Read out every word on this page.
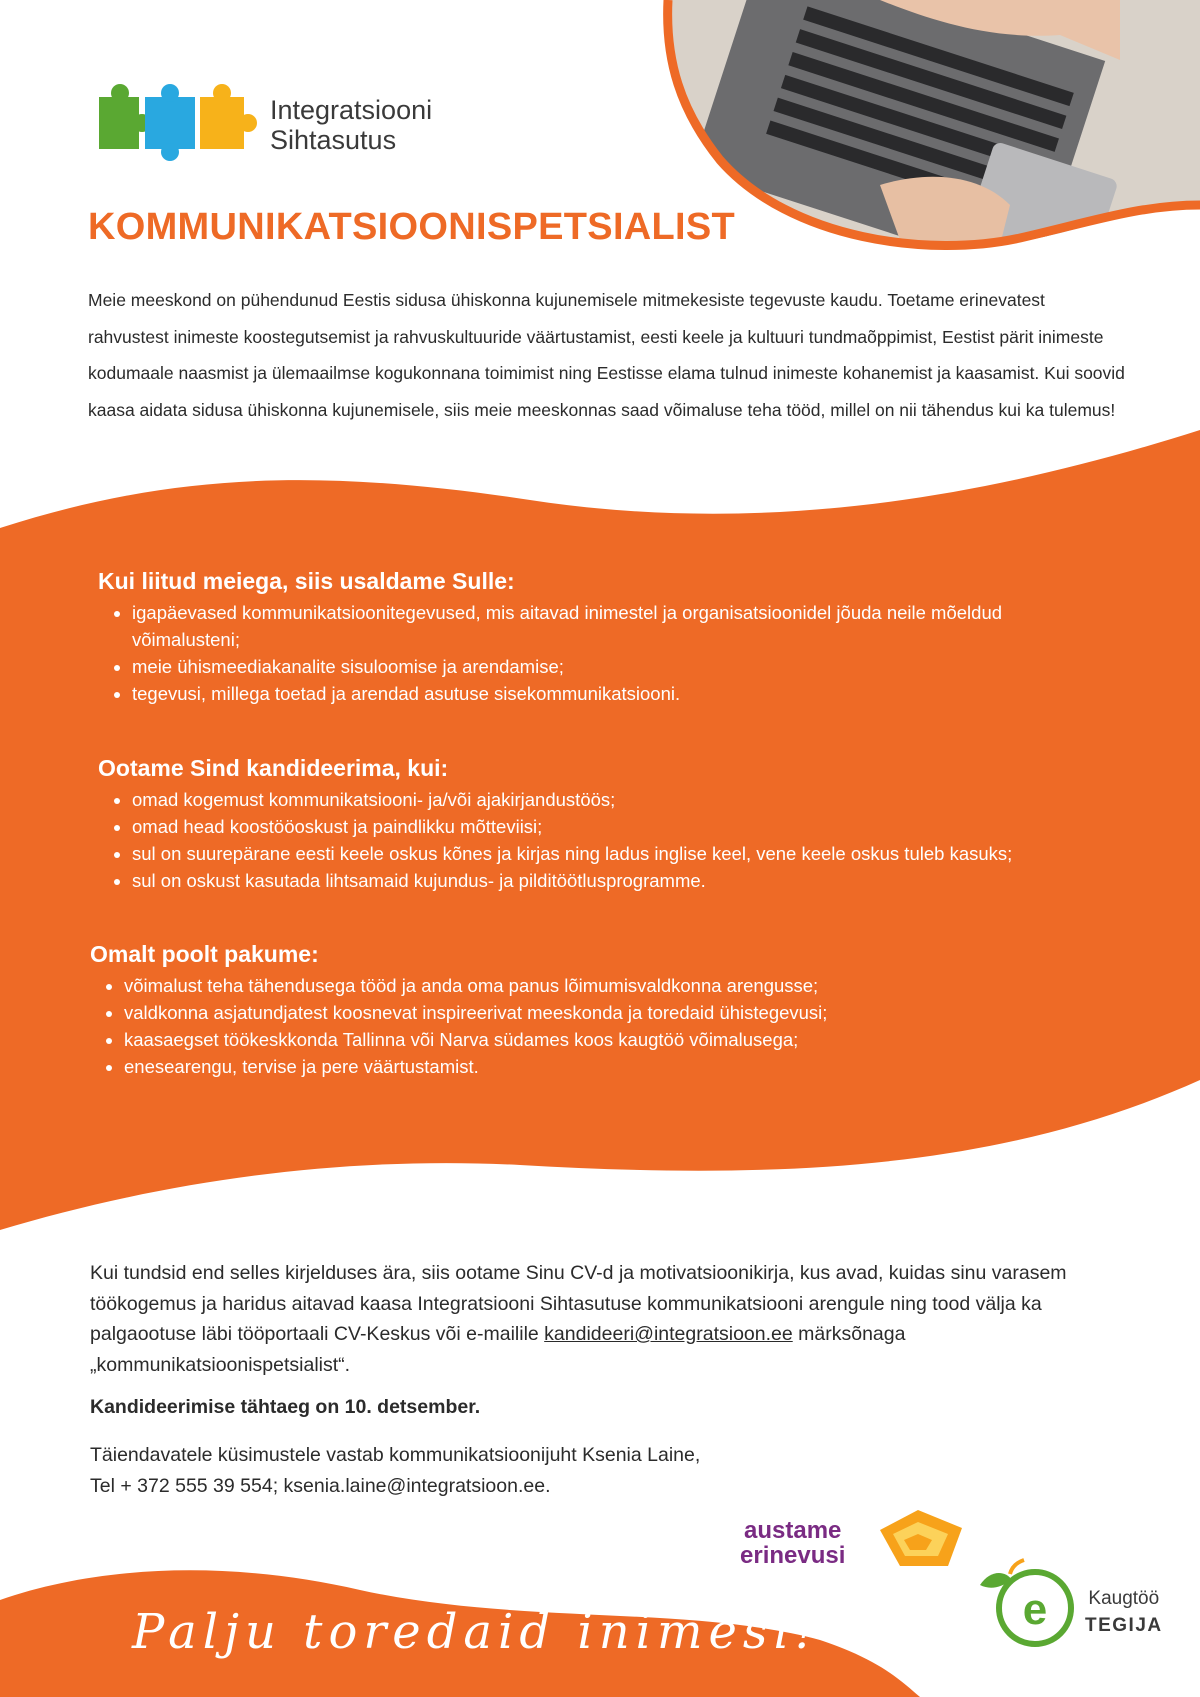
e
Palju toredaid inimesi!
Integratsiooni
Sihtasutus
KOMMUNIKATSIOONISPETSIALIST

Meie meeskond on pühendunud Eestis sidusa ühiskonna kujunemisele mitmekesiste tegevuste kaudu. Toetame erinevatest rahvustest inimeste koostegutsemist ja rahvuskultuuride väärtustamist, eesti keele ja kultuuri tundmaõppimist, Eestist pärit inimeste kodumaale naasmist ja ülemaailmse kogukonnana toimimist ning Eestisse elama tulnud inimeste kohanemist ja kaasamist. Kui soovid kaasa aidata sidusa ühiskonna kujunemisele, siis meie meeskonnas saad võimaluse teha tööd, millel on nii tähendus kui ka tulemus!

Kui liitud meiega, siis usaldame Sulle:
• igapäevased kommunikatsioonitegevused, mis aitavad inimestel ja organisatsioonidel jõuda neile mõeldud võimalusteni;
• meie ühismeediakanalite sisuloomise ja arendamise;
• tegevusi, millega toetad ja arendad asutuse sisekommunikatsiooni.
Ootame Sind kandideerima, kui:
• omad kogemust kommunikatsiooni- ja/või ajakirjandustöös;
• omad head koostööoskust ja paindlikku mõtteviisi;
• sul on suurepärane eesti keele oskus kõnes ja kirjas ning ladus inglise keel, vene keele oskus tuleb kasuks;
• sul on oskust kasutada lihtsamaid kujundus- ja pilditöötlusprogramme.
Omalt poolt pakume:
• võimalust teha tähendusega tööd ja anda oma panus lõimumisvaldkonna arengusse;
• valdkonna asjatundjatest koosnevat inspireerivat meeskonda ja toredaid ühistegevusi;
• kaasaegset töökeskkonda Tallinna või Narva südames koos kaugtöö võimalusega;
• enesearengu, tervise ja pere väärtustamist.

Kui tundsid end selles kirjelduses ära, siis ootame Sinu CV-d ja motivatsioonikirja, kus avad, kuidas sinu varasem töökogemus ja haridus aitavad kaasa Integratsiooni Sihtasutuse kommunikatsiooni arengule ning tood välja ka palgaootuse läbi tööportaali CV-Keskus või e-mailile kandideeri@integratsioon.ee märksõnaga „kommunikatsioonispetsialist“.

Kandideerimise tähtaeg on 10. detsember.
Täiendavatele küsimustele vastab kommunikatsioonijuht Ksenia Laine,
Tel + 372 555 39 554; ksenia.laine@integratsioon.ee.
austame
erinevusi
Kaugtöö
TEGIJA
